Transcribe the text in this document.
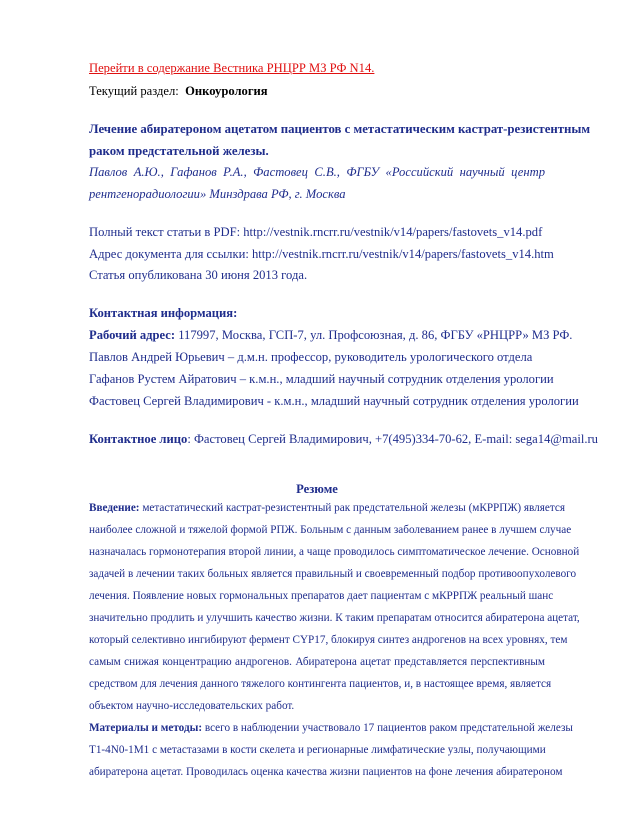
Перейти в содержание Вестника РНЦРР МЗ РФ N14.
Текущий раздел: Онкоурология
Лечение абиратероном ацетатом пациентов с метастатическим кастрат-резистентным
раком предстательной железы.
Павлов А.Ю., Гафанов Р.А., Фастовец С.В., ФГБУ «Российский научный центр
рентгенорадиологии» Минздрава РФ, г. Москва
Полный текст статьи в PDF: http://vestnik.rncrr.ru/vestnik/v14/papers/fastovets_v14.pdf
Адрес документа для ссылки: http://vestnik.rncrr.ru/vestnik/v14/papers/fastovets_v14.htm
Статья опубликована 30 июня 2013 года.
Контактная информация:
Рабочий адрес: 117997, Москва, ГСП-7, ул. Профсоюзная, д. 86, ФГБУ «РНЦРР» МЗ РФ.
Павлов Андрей Юрьевич – д.м.н. профессор, руководитель урологического отдела
Гафанов Рустем Айратович – к.м.н., младший научный сотрудник отделения урологии
Фастовец Сергей Владимирович - к.м.н., младший научный сотрудник отделения урологии
Контактное лицо: Фастовец Сергей Владимирович, +7(495)334-70-62, E-mail: sega14@mail.ru
Резюме
Введение: метастатический кастрат-резистентный рак предстательной железы (мКРРПЖ) является
наиболее сложной и тяжелой формой РПЖ. Больным с данным заболеванием ранее в лучшем случае
назначалась гормонотерапия второй линии, а чаще проводилось симптоматическое лечение. Основной
задачей в лечении таких больных является правильный и своевременный подбор противоопухолевого
лечения. Появление новых гормональных препаратов дает пациентам с мКРРПЖ реальный шанс
значительно продлить и улучшить качество жизни. К таким препаратам относится абиратерона ацетат,
который селективно ингибируют фермент CYP17, блокируя синтез андрогенов на всех уровнях, тем
самым снижая концентрацию андрогенов. Абиратерона ацетат представляется перспективным
средством для лечения данного тяжелого контингента пациентов, и, в настоящее время, является
объектом научно-исследовательских работ.
Материалы и методы: всего в наблюдении участвовало 17 пациентов раком предстательной железы
T1-4N0-1M1 с метастазами в кости скелета и регионарные лимфатические узлы, получающими
абиратерона ацетат. Проводилась оценка качества жизни пациентов на фоне лечения абиратероном
